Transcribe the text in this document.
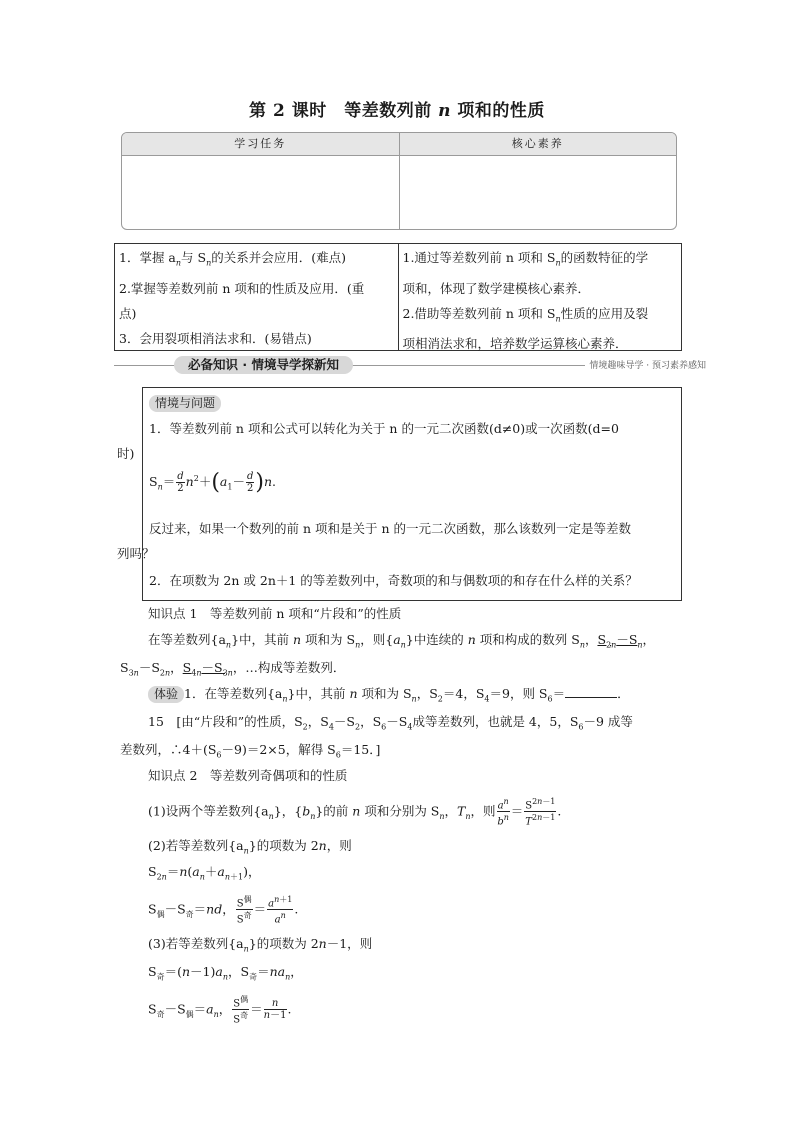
第 2 课时　等差数列前 n 项和的性质
学习任务	核心素养
1．掌握 $a_n$与 $S_n$的关系并会应用．(难点)
2.掌握等差数列前 n 项和的性质及应用．(重
点)
3．会用裂项相消法求和．(易错点)
1.通过等差数列前 n 项和 $S_n$的函数特征的学
项和，体现了数学建模核心素养．
2.借助等差数列前 n 项和 $S_n$性质的应用及裂
项相消法求和，培养数学运算核心素养．
必备知识 · 情境导学探新知	情境趣味导学 · 预习素养感知
情境与问题
1．等差数列前 n 项和公式可以转化为关于 n 的一元二次函数(d≠0)或一次函数(d=0
时)
$S_n= \frac{d}{2} n^2+(a_1- \frac{d}{2} )n$.
反过来，如果一个数列的前 n 项和是关于 n 的一元二次函数，那么该数列一定是等差数
列吗？
2．在项数为 2n 或 2n＋1 的等差数列中，奇数项的和与偶数项的和存在什么样的关系？
知识点 1　等差数列前 n 项和“片段和”的性质
在等差数列$\{a_n\}$中，其前 n 项和为 $S_n$，则$\{a_n\}$中连续的 n 项和构成的数列 $S_n$，$S_{2n}-S_n$，
$S_{3n}-S_{2n}$，$S_{4n}-S_{3n}$，…构成等差数列．
体验 1．在等差数列$\{a_n\}$中，其前 n 项和为 $S_n$，$S_2=4$，$S_4=9$，则 $S_6=$	．
15　 [由“片段和”的性质，$S_2$，$S_4-S_2$，$S_6-S_4$成等差数列，也就是 4，5，$S_6-9$ 成等
差数列，$\therefore 4+(S_6-9)=2\times 5$，解得 $S_6=15$．]
知识点 2　等差数列奇偶项和的性质
(1)设两个等差数列$\{a_n\}$，$\{b_n\}$的前 n 项和分别为 $S_n$，$T_n$，则 $\frac{a^n}{b^n} = \frac{S^{2n-1}}{T^{2n-1}}$ .
(2)若等差数列$\{a_n\}$的项数为 2n，则
$S_{2n}=n(a_n+a_{n+1})$，
$S_偶-S_奇=nd$， $\frac{S^偶}{S^奇} = \frac{a^{n+1}}{a^n}$ .
(3)若等差数列$\{a_n\}$的项数为 2n－1，则
$S_奇=(n-1)a_n$，$S_奇=na_n$，
$S_奇-S_偶=a_n$， $\frac{S^偶}{S^奇} = \frac{n}{n-1}$ .
